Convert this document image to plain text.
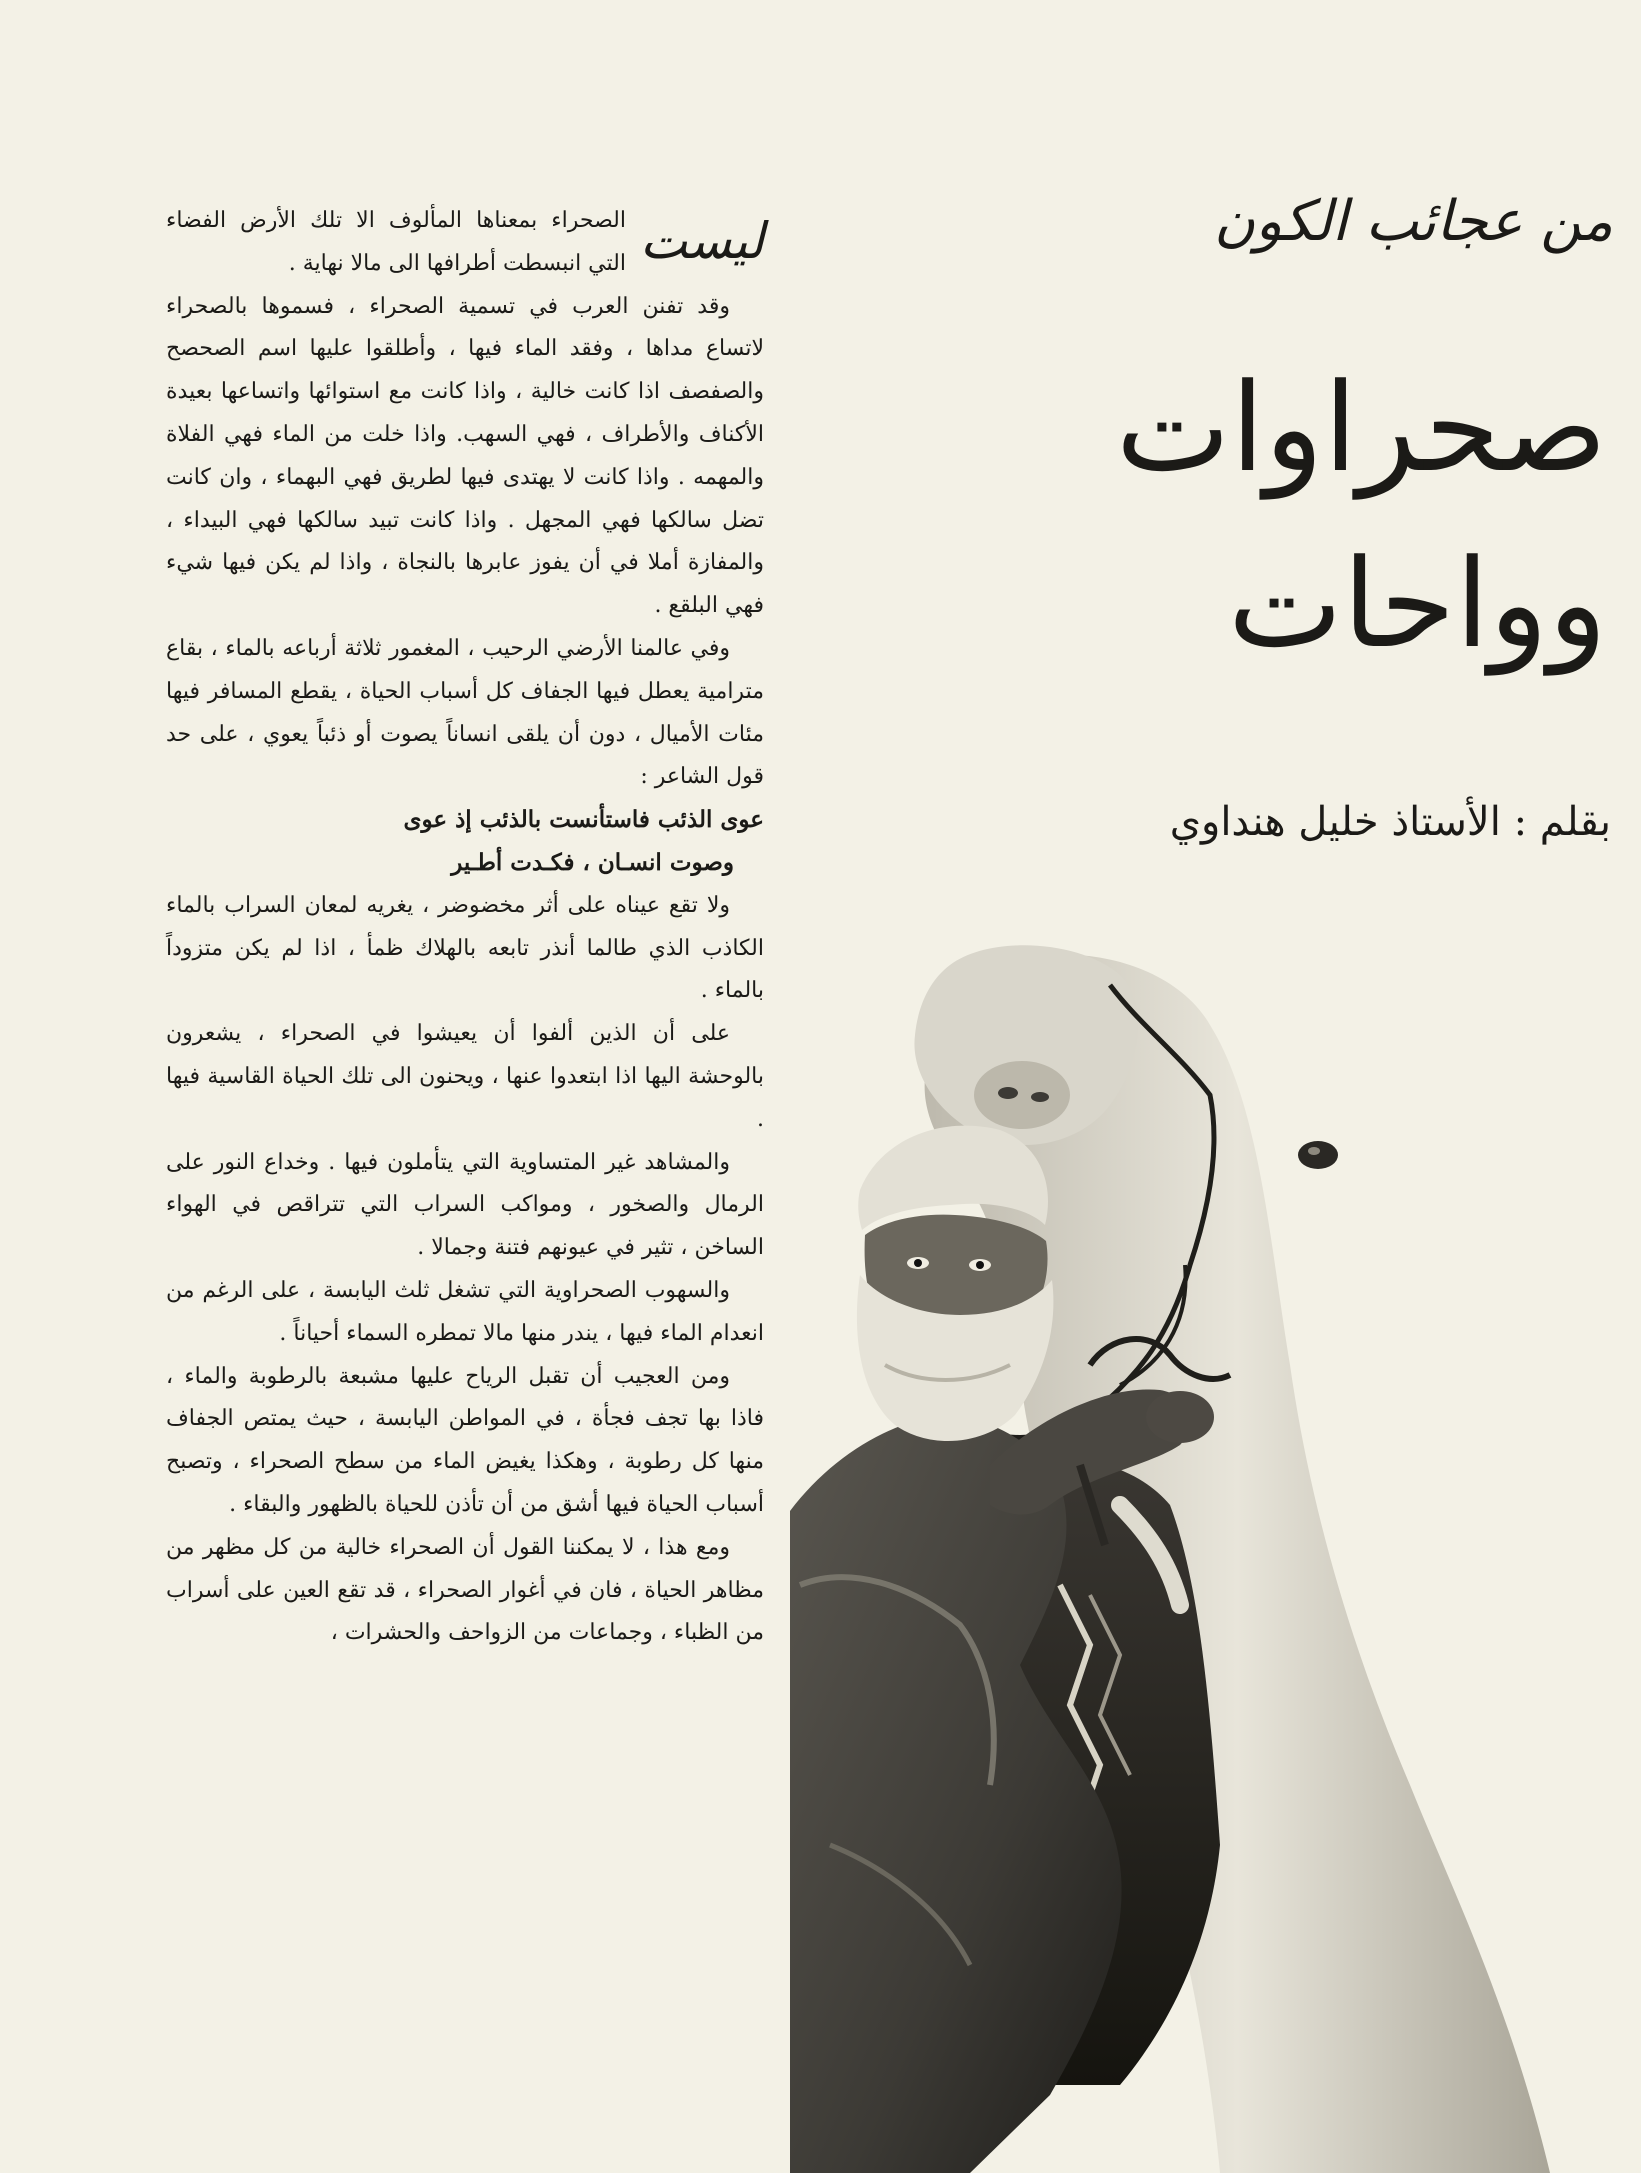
ليست

الصحراء بمعناها المألوف الا تلك الأرض الفضاء التي انبسطت أطرافها الى مالا نهاية .

وقد تفنن العرب في تسمية الصحراء ، فسموها بالصحراء لاتساع مداها ، وفقد الماء فيها ، وأطلقوا عليها اسم الصحصح والصفصف اذا كانت خالية ، واذا كانت مع استوائها واتساعها بعيدة الأكناف والأطراف ، فهي السهب. واذا خلت من الماء فهي الفلاة والمهمه . واذا كانت لا يهتدى فيها لطريق فهي البهماء ، وان كانت تضل سالكها فهي المجهل . واذا كانت تبيد سالكها فهي البيداء ، والمفازة أملا في أن يفوز عابرها بالنجاة ، واذا لم يكن فيها شيء فهي البلقع .

وفي عالمنا الأرضي الرحيب ، المغمور ثلاثة أرباعه بالماء ، بقاع مترامية يعطل فيها الجفاف كل أسباب الحياة ، يقطع المسافر فيها مئات الأميال ، دون أن يلقى انساناً يصوت أو ذئباً يعوي ، على حد قول الشاعر :

عوى الذئب فاستأنست بالذئب إذ عوى

وصوت انسـان ، فكـدت أطـير

ولا تقع عيناه على أثر مخضوضر ، يغريه لمعان السراب بالماء الكاذب الذي طالما أنذر تابعه بالهلاك ظمأ ، اذا لم يكن متزوداً بالماء .

على أن الذين ألفوا أن يعيشوا في الصحراء ، يشعرون بالوحشة اليها اذا ابتعدوا عنها ، ويحنون الى تلك الحياة القاسية فيها .

والمشاهد غير المتساوية التي يتأملون فيها . وخداع النور على الرمال والصخور ، ومواكب السراب التي تتراقص في الهواء الساخن ، تثير في عيونهم فتنة وجمالا .

والسهوب الصحراوية التي تشغل ثلث اليابسة ، على الرغم من انعدام الماء فيها ، يندر منها مالا تمطره السماء أحياناً .

ومن العجيب أن تقبل الرياح عليها مشبعة بالرطوبة والماء ، فاذا بها تجف فجأة ، في المواطن اليابسة ، حيث يمتص الجفاف منها كل رطوبة ، وهكذا يغيض الماء من سطح الصحراء ، وتصبح أسباب الحياة فيها أشق من أن تأذن للحياة بالظهور والبقاء .

ومع هذا ، لا يمكننا القول أن الصحراء خالية من كل مظهر من مظاهر الحياة ، فان في أغوار الصحراء ، قد تقع العين على أسراب من الظباء ، وجماعات من الزواحف والحشرات ،

من عجائب الكون
صحراوات
وواحات
بقلم : الأستاذ خليل هنداوي
